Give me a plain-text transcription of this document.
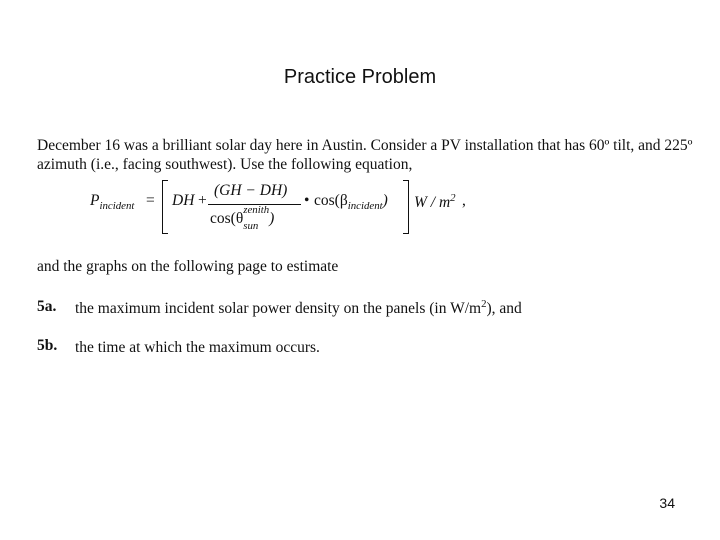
Practice Problem
December 16 was a brilliant solar day here in Austin. Consider a PV installation that has 60º tilt, and 225º azimuth (i.e., facing southwest). Use the following equation,
$P_{incident}$ = DH +
(GH − DH)
$\cos(\theta^{zenith}$
sun )
• $\cos(\beta_{incident})$ W / $m^2$ ,
and the graphs on the following page to estimate
5a. the maximum incident solar power density on the panels (in $W/m^2$), and
5b. the time at which the maximum occurs.
34
